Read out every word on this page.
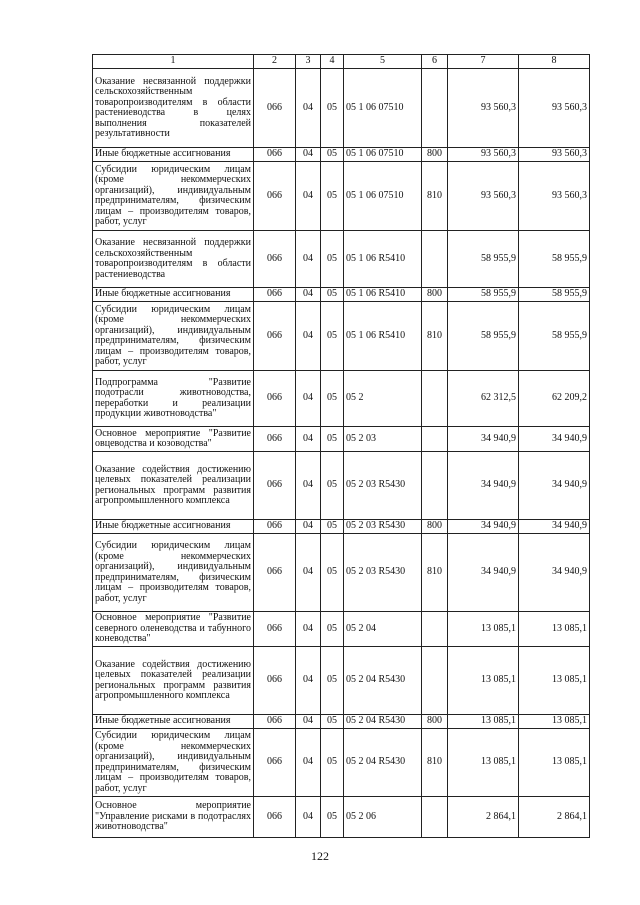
1	2	3	4	5	6	7	8
Оказание несвязанной поддержки сельскохозяйственным товаропроизводителям в области растениеводства в целях выполнения показателей результативности	066	04	05	05 1 06 07510		93 560,3	93 560,3
Иные бюджетные ассигнования	066	04	05	05 1 06 07510	800	93 560,3	93 560,3
Субсидии юридическим лицам (кроме некоммерческих организаций), индивидуальным предпринимателям, физическим лицам – производителям товаров, работ, услуг	066	04	05	05 1 06 07510	810	93 560,3	93 560,3
Оказание несвязанной поддержки сельскохозяйственным товаропроизводителям в области растениеводства	066	04	05	05 1 06 R5410		58 955,9	58 955,9
Иные бюджетные ассигнования	066	04	05	05 1 06 R5410	800	58 955,9	58 955,9
Субсидии юридическим лицам (кроме некоммерческих организаций), индивидуальным предпринимателям, физическим лицам – производителям товаров, работ, услуг	066	04	05	05 1 06 R5410	810	58 955,9	58 955,9
Подпрограмма "Развитие подотрасли животноводства, переработки и реализации продукции животноводства"	066	04	05	05 2		62 312,5	62 209,2
Основное мероприятие "Развитие овцеводства и козоводства"	066	04	05	05 2 03		34 940,9	34 940,9
Оказание содействия достижению целевых показателей реализации региональных программ развития агропромышленного комплекса	066	04	05	05 2 03 R5430		34 940,9	34 940,9
Иные бюджетные ассигнования	066	04	05	05 2 03 R5430	800	34 940,9	34 940,9
Субсидии юридическим лицам (кроме некоммерческих организаций), индивидуальным предпринимателям, физическим лицам – производителям товаров, работ, услуг	066	04	05	05 2 03 R5430	810	34 940,9	34 940,9
Основное мероприятие "Развитие северного оленеводства и табунного коневодства"	066	04	05	05 2 04		13 085,1	13 085,1
Оказание содействия достижению целевых показателей реализации региональных программ развития агропромышленного комплекса	066	04	05	05 2 04 R5430		13 085,1	13 085,1
Иные бюджетные ассигнования	066	04	05	05 2 04 R5430	800	13 085,1	13 085,1
Субсидии юридическим лицам (кроме некоммерческих организаций), индивидуальным предпринимателям, физическим лицам – производителям товаров, работ, услуг	066	04	05	05 2 04 R5430	810	13 085,1	13 085,1
Основное мероприятие "Управление рисками в подотраслях животноводства"	066	04	05	05 2 06		2 864,1	2 864,1
122
